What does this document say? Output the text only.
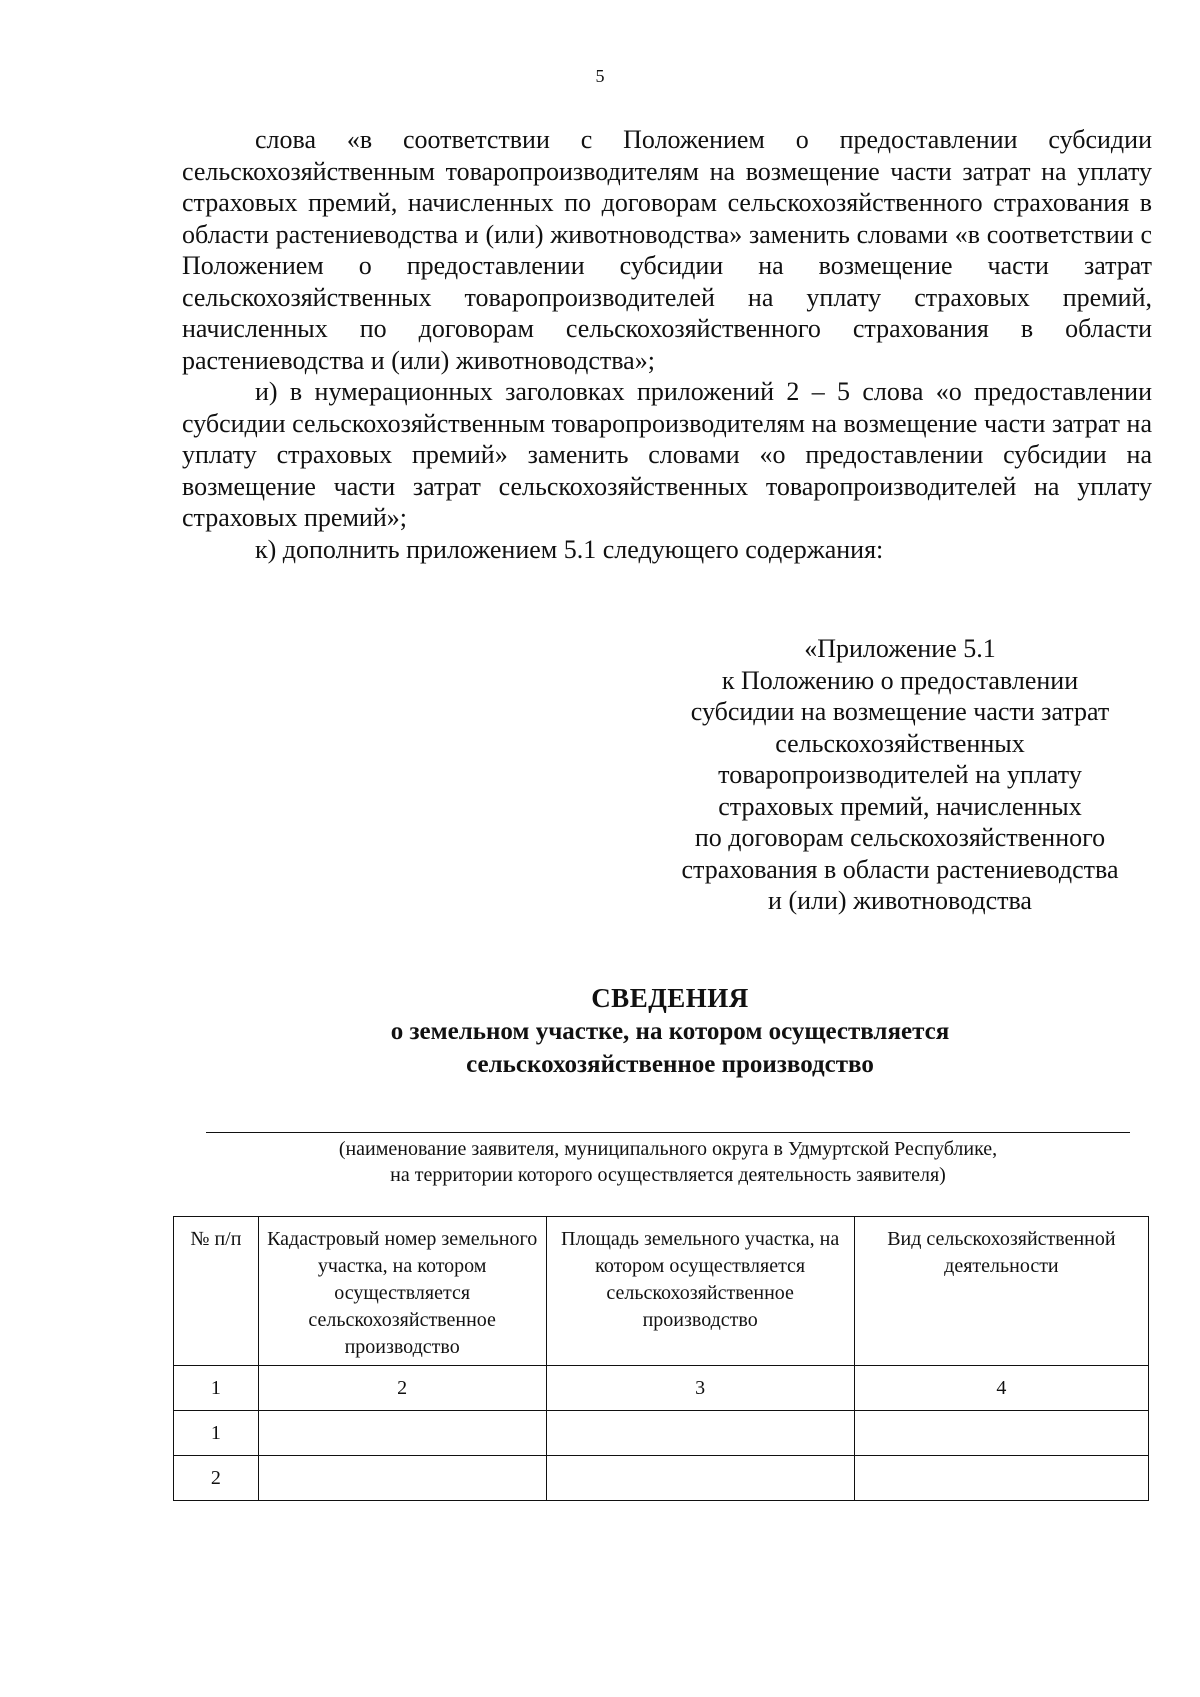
5

слова «в соответствии с Положением о предоставлении субсидии сельскохозяйственным товаропроизводителям на возмещение части затрат на уплату страховых премий, начисленных по договорам сельскохозяйственного страхования в области растениеводства и (или) животноводства» заменить словами «в соответствии с Положением о предоставлении субсидии на возмещение части затрат сельскохозяйственных товаропроизводителей на уплату страховых премий, начисленных по договорам сельскохозяйственного страхования в области растениеводства и (или) животноводства»;

и) в нумерационных заголовках приложений 2 – 5 слова «о предоставлении субсидии сельскохозяйственным товаропроизводителям на возмещение части затрат на уплату страховых премий» заменить словами «о предоставлении субсидии на возмещение части затрат сельскохозяйственных товаропроизводителей на уплату страховых премий»;

к) дополнить приложением 5.1 следующего содержания:

«Приложение 5.1
к Положению о предоставлении
субсидии на возмещение части затрат
сельскохозяйственных
товаропроизводителей на уплату
страховых премий, начисленных
по договорам сельскохозяйственного
страхования в области растениеводства
и (или) животноводства
СВЕДЕНИЯ
о земельном участке, на котором осуществляется
сельскохозяйственное производство
(наименование заявителя, муниципального округа в Удмуртской Республике,
на территории которого осуществляется деятельность заявителя)
№ п/п	Кадастровый номер земельного участка, на котором осуществляется сельскохозяйственное производство	Площадь земельного участка, на котором осуществляется сельскохозяйственное производство	Вид сельскохозяйственной деятельности
1	2	3	4
1			
2			
